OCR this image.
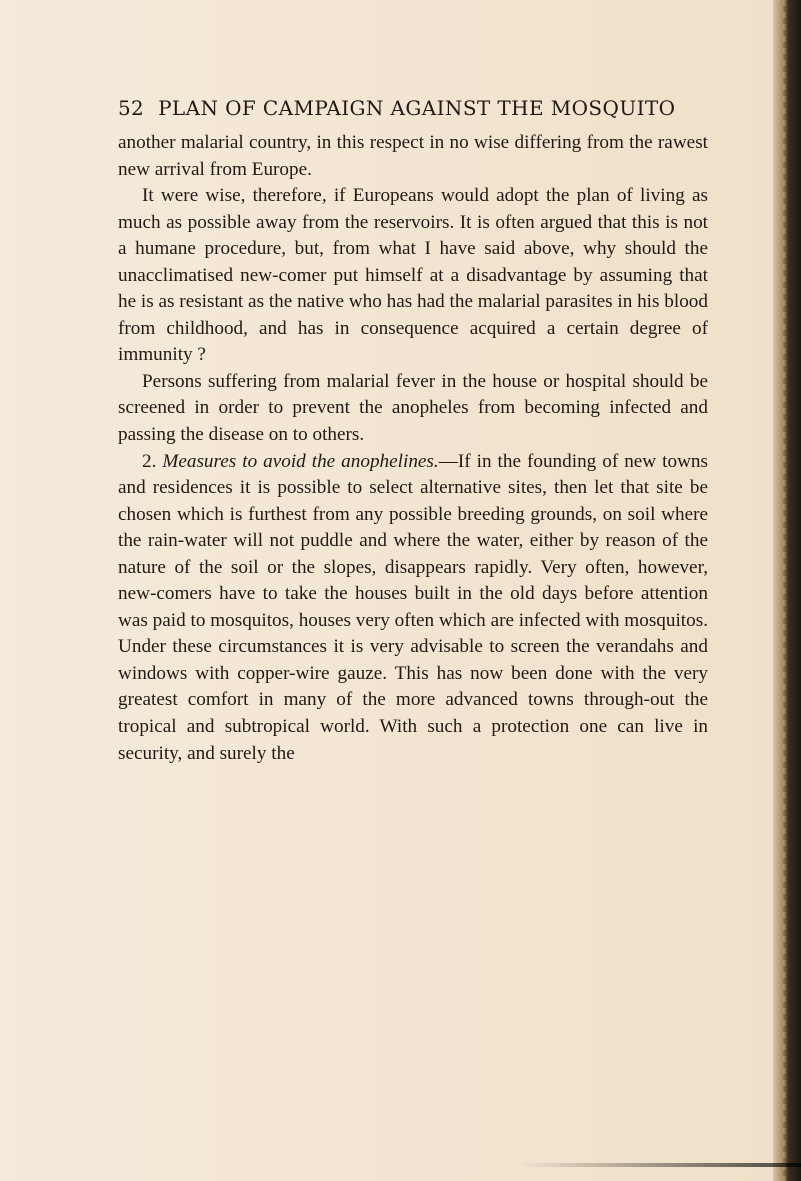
52 PLAN OF CAMPAIGN AGAINST THE MOSQUITO

another malarial country, in this respect in no wise differing from the rawest new arrival from Europe.

It were wise, therefore, if Europeans would adopt the plan of living as much as possible away from the reservoirs. It is often argued that this is not a humane procedure, but, from what I have said above, why should the unacclimatised new-comer put himself at a disadvantage by assuming that he is as resistant as the native who has had the malarial parasites in his blood from childhood, and has in consequence acquired a certain degree of immunity ?

Persons suffering from malarial fever in the house or hospital should be screened in order to prevent the anopheles from becoming infected and passing the disease on to others.

2. Measures to avoid the anophelines.—If in the founding of new towns and residences it is possible to select alternative sites, then let that site be chosen which is furthest from any possible breeding grounds, on soil where the rain-water will not puddle and where the water, either by reason of the nature of the soil or the slopes, disappears rapidly. Very often, however, new-comers have to take the houses built in the old days before attention was paid to mosquitos, houses very often which are infected with mosquitos. Under these circumstances it is very advisable to screen the verandahs and windows with copper-wire gauze. This has now been done with the very greatest comfort in many of the more advanced towns through-out the tropical and subtropical world. With such a protection one can live in security, and surely the
